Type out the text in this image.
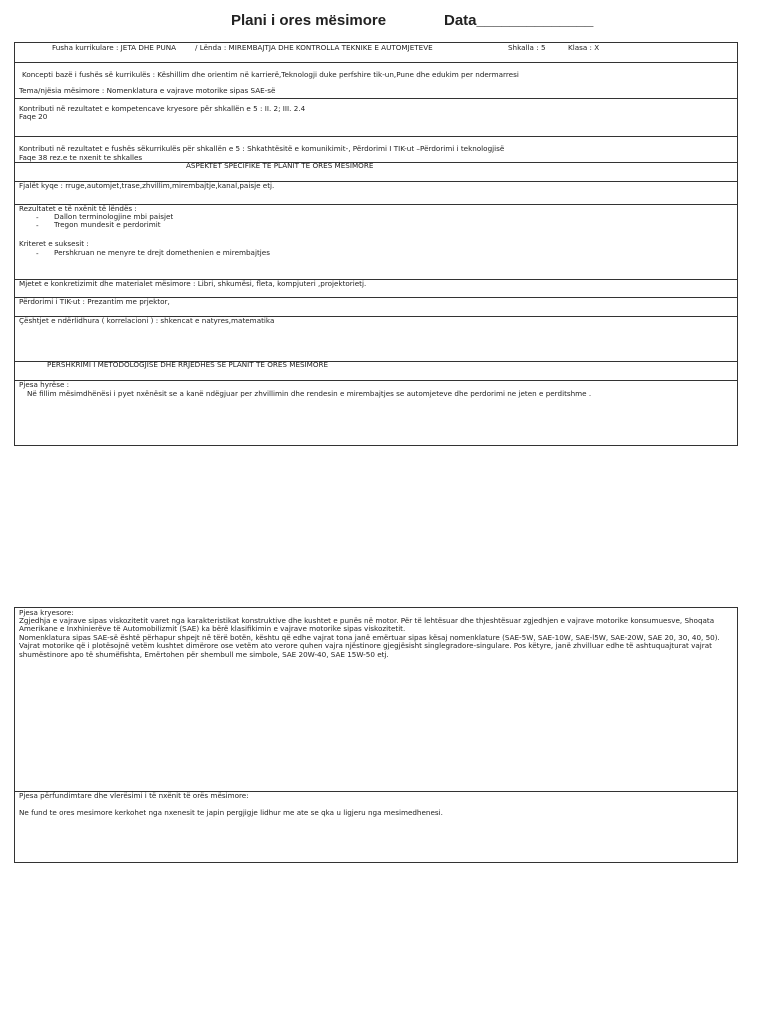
Plani i ores mësimore	Data______________
Fusha kurrikulare : JETA DHE PUNA	/ Lënda : MIREMBAJTJA DHE KONTROLLA TEKNIKE E AUTOMJETEVE	Shkalla : 5	Klasa : X
Koncepti bazë i fushës së kurrikulës : Këshillim dhe orientim në karrierë,Teknologji duke perfshire tik-un,Pune dhe edukim per ndermarresi
Tema/njësia mësimore : Nomenklatura e vajrave motorike sipas SAE-së
Kontributi në rezultatet e kompetencave kryesore për shkallën e 5 : II. 2; III. 2.4
Faqe 20
Kontributi në rezultatet e fushës sëkurrikulës për shkallën e 5 : Shkathtësitë e komunikimit-, Përdorimi I TIK-ut –Përdorimi i teknologjisë
Faqe 38 rez.e te nxenit te shkalles
ASPEKTET SPECIFIKE TE PLANIT TE ORES MESIMORE
Fjalët kyqe : rruge,automjet,trase,zhvillim,mirembajtje,kanal,paisje etj.
Rezultatet e të nxënit të lëndës :
- Dallon terminologjine mbi paisjet
- Tregon mundesit e perdorimit
Kriteret e suksesit :
- Pershkruan ne menyre te drejt domethenien e mirembajtjes
Mjetet e konkretizimit dhe materialet mësimore : Libri, shkumësi, fleta, kompjuteri ,projektorietj.
Përdorimi i TIK-ut : Prezantim me prjektor,
Çështjet e ndërlidhura ( korrelacioni ) : shkencat e natyres,matematika
PERSHKRIMI I METODOLOGJISE DHE RRJEDHES SE PLANIT TE ORES MESIMORE
Pjesa hyrëse :
Në fillim mësimdhënësi i pyet nxënësit se a kanë ndëgjuar per zhvillimin dhe rendesin e mirembajtjes se automjeteve dhe perdorimi ne jeten e perditshme .
Pjesa kryesore:
Zgjedhja e vajrave sipas viskozitetit varet nga karakteristikat konstruktive dhe kushtet e punës në motor. Për të lehtësuar dhe thjeshtësuar zgjedhjen e vajrave motorike konsumuesve, Shoqata Amerikane e Inxhinierëve të Automobilizmit (SAE) ka bërë klasifikimin e vajrave motorike sipas viskozitetit.
Nomenklatura sipas SAE-së është përhapur shpejt në tërë botën, kështu që edhe vajrat tona janë emërtuar sipas kësaj nomenklature (SAE-5W, SAE-10W, SAE-l5W, SAE-20W, SAE 20, 30, 40, 50).
Vajrat motorike që i plotësojnë vetëm kushtet dimërore ose vetëm ato verore quhen vajra njëstinore gjegjësisht singlegradore-singulare. Pos këtyre, janë zhvilluar edhe të ashtuquajturat vajrat shumëstinore apo të shumëfishta, Emërtohen për shembull me simbole, SAE 20W-40, SAE 15W-50 etj.
Pjesa përfundimtare dhe vlerësimi i të nxënit të orës mësimore:
Ne fund te ores mesimore kerkohet nga nxenesit te japin pergjigje lidhur me ate se qka u ligjeru nga mesimedhenesi.
